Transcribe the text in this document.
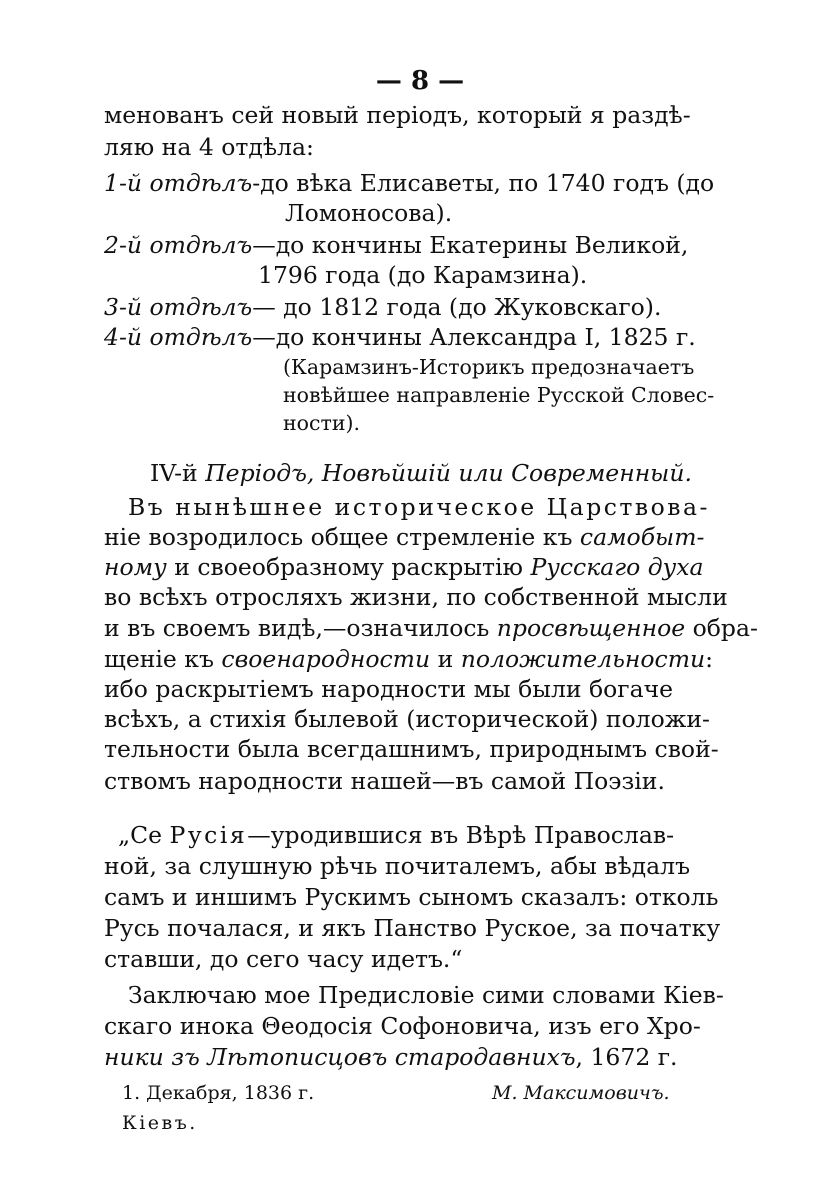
— 8 —
менованъ сей новый перiодъ, который я раздѣ-
ляю на 4 отдѣла:
1-й отдѣлъ-до вѣка Елисаветы, по 1740 годъ (до
Ломоносова).
2-й отдѣлъ—до кончины Екатерины Великой,
1796 года (до Карамзина).
3-й отдѣлъ— до 1812 года (до Жуковскаго).
4-й отдѣлъ—до кончины Александра I, 1825 г.
(Карамзинъ-Историкъ предозначаетъ
новѣйшее направленiе Русской Словес-
ности).
IV-й Перiодъ, Новѣйшiй или Современный.
Въ нынѣшнее историческое Царствова-
нiе возродилось общее стремленiе къ самобыт-
ному и своеобразному раскрытiю Русскаго духа
во всѣхъ отросляхъ жизни, по собственной мысли
и въ своемъ видѣ,—означилось просвѣщенное обра-
щенiе къ своенародности и положительности:
ибо раскрытiемъ народности мы были богаче
всѣхъ, а стихiя былевой (исторической) положи-
тельности была всегдашнимъ, природнымъ свой-
ствомъ народности нашей—въ самой Поэзiи.
„Се Русiя—уродившися въ Вѣрѣ Православ-
ной, за слушную рѣчь почиталемъ, абы вѣдалъ
самъ и иншимъ Рускимъ сыномъ сказалъ: отколь
Русь почалася, и якъ Панство Руское, за початку
ставши, до сего часу идетъ.“
Заключаю мое Предисловiе сими словами Кiев-
скаго инока Θеодосiя Софоновича, изъ его Хро-
ники зъ Лѣтописцовъ стародавнихъ, 1672 г.
1. Декабря, 1836 г.	М. Максимовичъ.
Кiевъ.
